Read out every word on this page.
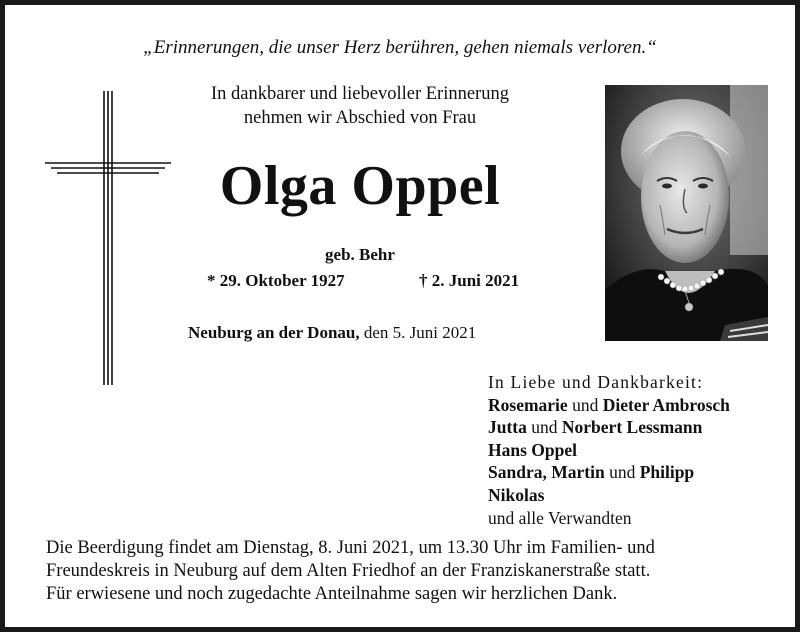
„Erinnerungen, die unser Herz berühren, gehen niemals verloren.“
In dankbarer und liebevoller Erinnerung
nehmen wir Abschied von Frau
Olga Oppel
geb. Behr
* 29. Oktober 1927	† 2. Juni 2021
Neuburg an der Donau, den 5. Juni 2021
In Liebe und Dankbarkeit:
Rosemarie und Dieter Ambrosch
Jutta und Norbert Lessmann
Hans Oppel
Sandra, Martin und Philipp
Nikolas
und alle Verwandten
Die Beerdigung findet am Dienstag, 8. Juni 2021, um 13.30 Uhr im Familien- und
Freundeskreis in Neuburg auf dem Alten Friedhof an der Franziskanerstraße statt.
Für erwiesene und noch zugedachte Anteilnahme sagen wir herzlichen Dank.
